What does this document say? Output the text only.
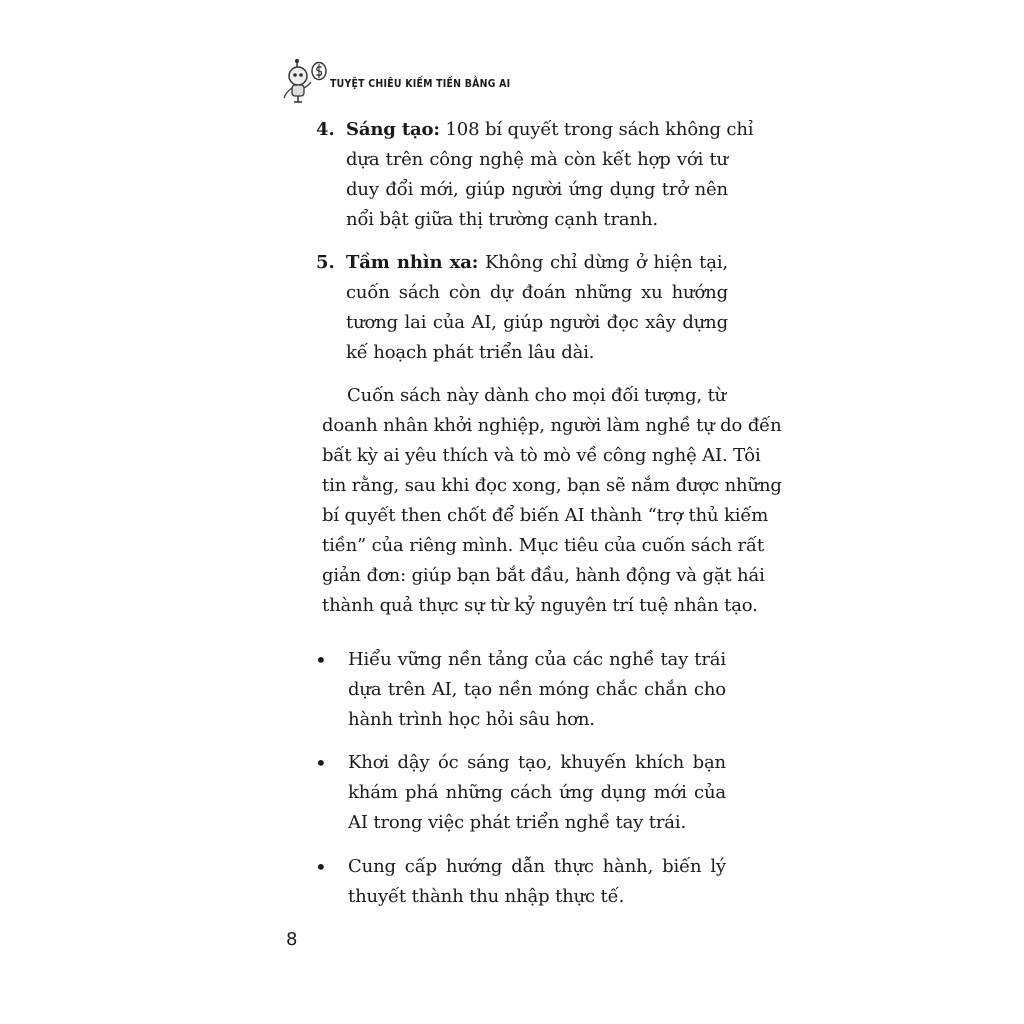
TUYỆT CHIÊU KIẾM TIỀN BẰNG AI
4. Sáng tạo: 108 bí quyết trong sách không chỉ
dựa trên công nghệ mà còn kết hợp với tư
duy đổi mới, giúp người ứng dụng trở nên
nổi bật giữa thị trường cạnh tranh.
5. Tầm nhìn xa: Không chỉ dừng ở hiện tại,
cuốn sách còn dự đoán những xu hướng
tương lai của AI, giúp người đọc xây dựng
kế hoạch phát triển lâu dài.
Cuốn sách này dành cho mọi đối tượng, từ
doanh nhân khởi nghiệp, người làm nghề tự do đến
bất kỳ ai yêu thích và tò mò về công nghệ AI. Tôi
tin rằng, sau khi đọc xong, bạn sẽ nắm được những
bí quyết then chốt để biến AI thành “trợ thủ kiếm
tiền” của riêng mình. Mục tiêu của cuốn sách rất
giản đơn: giúp bạn bắt đầu, hành động và gặt hái
thành quả thực sự từ kỷ nguyên trí tuệ nhân tạo.
• Hiểu vững nền tảng của các nghề tay trái
dựa trên AI, tạo nền móng chắc chắn cho
hành trình học hỏi sâu hơn.
• Khơi dậy óc sáng tạo, khuyến khích bạn
khám phá những cách ứng dụng mới của
AI trong việc phát triển nghề tay trái.
• Cung cấp hướng dẫn thực hành, biến lý
thuyết thành thu nhập thực tế.
8
